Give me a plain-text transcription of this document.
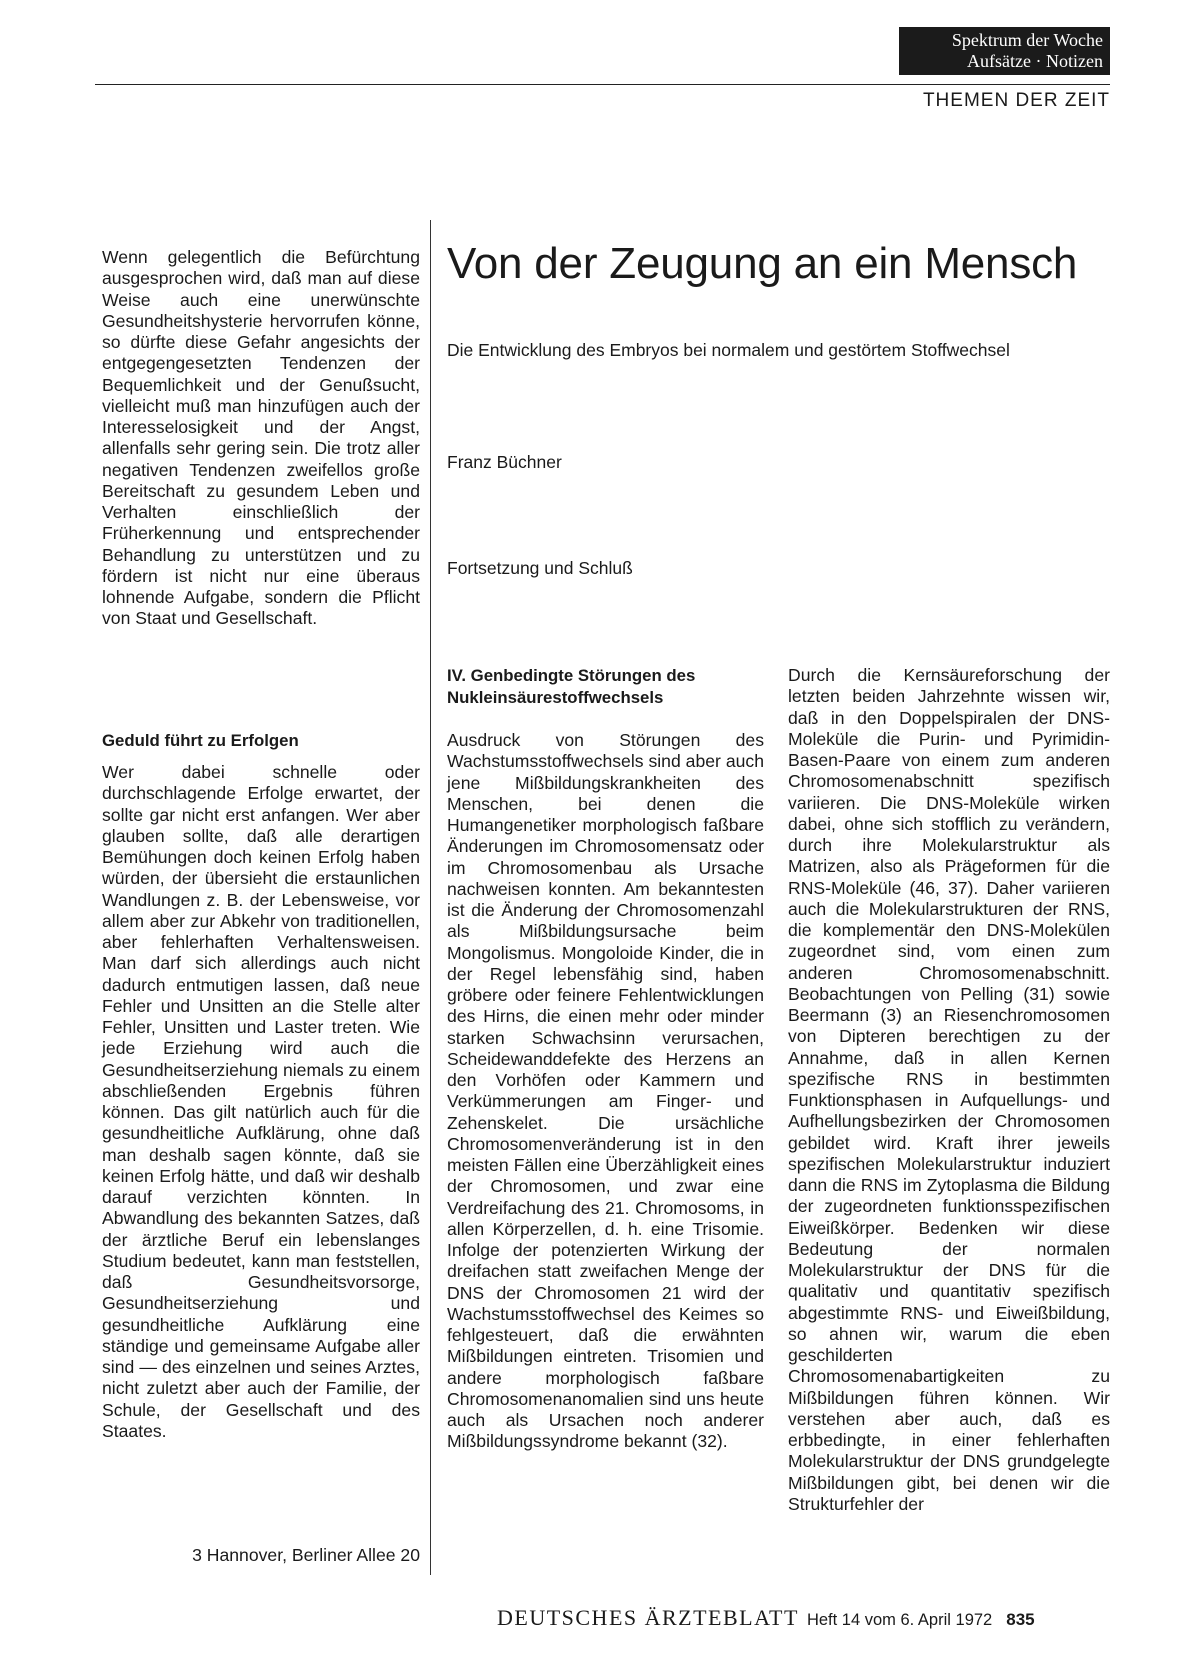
Spektrum der Woche
Aufsätze · Notizen
THEMEN DER ZEIT

Wenn gelegentlich die Befürchtung ausgesprochen wird, daß man auf diese Weise auch eine unerwünschte Gesundheitshysterie hervorrufen könne, so dürfte diese Gefahr angesichts der entgegengesetzten Tendenzen der Bequemlichkeit und der Genußsucht, vielleicht muß man hinzufügen auch der Interesselosigkeit und der Angst, allenfalls sehr gering sein. Die trotz aller negativen Tendenzen zweifellos große Bereitschaft zu gesundem Leben und Verhalten einschließlich der Früherkennung und entsprechender Behandlung zu unterstützen und zu fördern ist nicht nur eine überaus lohnende Aufgabe, sondern die Pflicht von Staat und Gesellschaft.

Geduld führt zu Erfolgen

Wer dabei schnelle oder durchschlagende Erfolge erwartet, der sollte gar nicht erst anfangen. Wer aber glauben sollte, daß alle derartigen Bemühungen doch keinen Erfolg haben würden, der übersieht die erstaunlichen Wandlungen z. B. der Lebensweise, vor allem aber zur Abkehr von traditionellen, aber fehlerhaften Verhaltensweisen. Man darf sich allerdings auch nicht dadurch entmutigen lassen, daß neue Fehler und Unsitten an die Stelle alter Fehler, Unsitten und Laster treten. Wie jede Erziehung wird auch die Gesundheitserziehung niemals zu einem abschließenden Ergebnis führen können. Das gilt natürlich auch für die gesundheitliche Aufklärung, ohne daß man deshalb sagen könnte, daß sie keinen Erfolg hätte, und daß wir deshalb darauf verzichten könnten. In Abwandlung des bekannten Satzes, daß der ärztliche Beruf ein lebenslanges Studium bedeutet, kann man feststellen, daß Gesundheitsvorsorge, Gesundheitserziehung und gesundheitliche Aufklärung eine ständige und gemeinsame Aufgabe aller sind — des einzelnen und seines Arztes, nicht zuletzt aber auch der Familie, der Schule, der Gesellschaft und des Staates.

3 Hannover, Berliner Allee 20
Von der Zeugung an ein Mensch
Die Entwicklung des Embryos bei normalem und gestörtem Stoffwechsel
Franz Büchner
Fortsetzung und Schluß
IV. Genbedingte Störungen des Nukleinsäurestoffwechsels

Ausdruck von Störungen des Wachstumsstoffwechsels sind aber auch jene Mißbildungskrankheiten des Menschen, bei denen die Humangenetiker morphologisch faßbare Änderungen im Chromosomensatz oder im Chromosomenbau als Ursache nachweisen konnten. Am bekanntesten ist die Änderung der Chromosomenzahl als Mißbildungsursache beim Mongolismus. Mongoloide Kinder, die in der Regel lebensfähig sind, haben gröbere oder feinere Fehlentwicklungen des Hirns, die einen mehr oder minder starken Schwachsinn verursachen, Scheidewanddefekte des Herzens an den Vorhöfen oder Kammern und Verkümmerungen am Finger- und Zehenskelet. Die ursächliche Chromosomenveränderung ist in den meisten Fällen eine Überzähligkeit eines der Chromosomen, und zwar eine Verdreifachung des 21. Chromosoms, in allen Körperzellen, d. h. eine Trisomie. Infolge der potenzierten Wirkung der dreifachen statt zweifachen Menge der DNS der Chromosomen 21 wird der Wachstumsstoffwechsel des Keimes so fehlgesteuert, daß die erwähnten Mißbildungen eintreten. Trisomien und andere morphologisch faßbare Chromosomenanomalien sind uns heute auch als Ursachen noch anderer Mißbildungssyndrome bekannt (32).

Durch die Kernsäureforschung der letzten beiden Jahrzehnte wissen wir, daß in den Doppelspiralen der DNS-Moleküle die Purin- und Pyrimidin-Basen-Paare von einem zum anderen Chromosomenabschnitt spezifisch variieren. Die DNS-Moleküle wirken dabei, ohne sich stofflich zu verändern, durch ihre Molekularstruktur als Matrizen, also als Prägeformen für die RNS-Moleküle (46, 37). Daher variieren auch die Molekularstrukturen der RNS, die komplementär den DNS-Molekülen zugeordnet sind, vom einen zum anderen Chromosomenabschnitt. Beobachtungen von Pelling (31) sowie Beermann (3) an Riesenchromosomen von Dipteren berechtigen zu der Annahme, daß in allen Kernen spezifische RNS in bestimmten Funktionsphasen in Aufquellungs- und Aufhellungsbezirken der Chromosomen gebildet wird. Kraft ihrer jeweils spezifischen Molekularstruktur induziert dann die RNS im Zytoplasma die Bildung der zugeordneten funktionsspezifischen Eiweißkörper. Bedenken wir diese Bedeutung der normalen Molekularstruktur der DNS für die qualitativ und quantitativ spezifisch abgestimmte RNS- und Eiweißbildung, so ahnen wir, warum die eben geschilderten Chromosomenabartigkeiten zu Mißbildungen führen können. Wir verstehen aber auch, daß es erbbedingte, in einer fehlerhaften Molekularstruktur der DNS grundgelegte Mißbildungen gibt, bei denen wir die Strukturfehler der

DEUTSCHES ÄRZTEBLATT Heft 14 vom 6. April 1972 835
